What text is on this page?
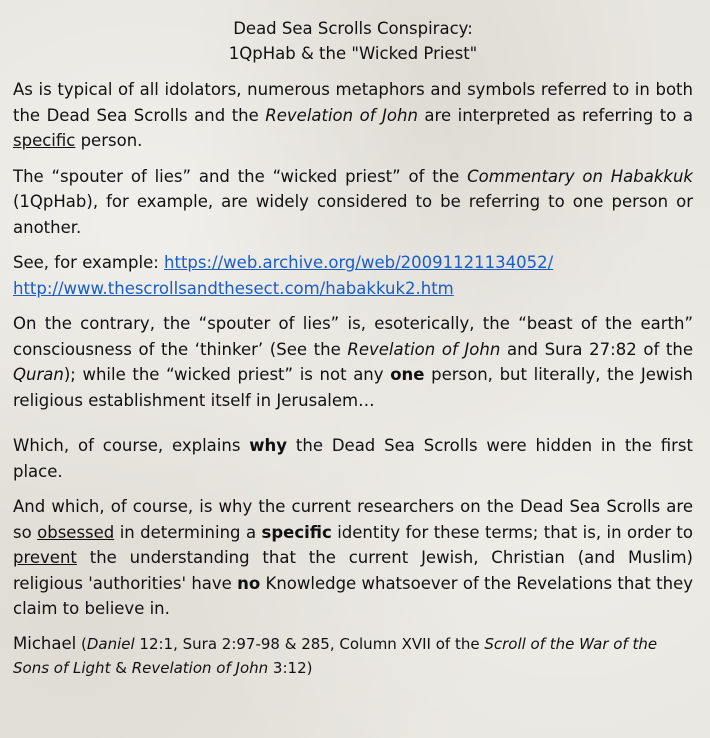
Dead Sea Scrolls Conspiracy:
1QpHab & the "Wicked Priest"

As is typical of all idolators, numerous metaphors and symbols referred to in both the Dead Sea Scrolls and the Revelation of John are interpreted as referring to a specific person.

The “spouter of lies” and the “wicked priest” of the Commentary on Habakkuk (1QpHab), for example, are widely considered to be referring to one person or another.

See, for example: https://web.archive.org/web/20091121134052/
http://www.thescrollsandthesect.com/habakkuk2.htm

On the contrary, the “spouter of lies” is, esoterically, the “beast of the earth” consciousness of the ‘thinker’ (See the Revelation of John and Sura 27:82 of the Quran); while the “wicked priest” is not any one person, but literally, the Jewish religious establishment itself in Jerusalem…

Which, of course, explains why the Dead Sea Scrolls were hidden in the first place.

And which, of course, is why the current researchers on the Dead Sea Scrolls are so obsessed in determining a specific identity for these terms; that is, in order to prevent the understanding that the current Jewish, Christian (and Muslim) religious 'authorities' have no Knowledge whatsoever of the Revelations that they claim to believe in.

Michael (Daniel 12:1, Sura 2:97-98 & 285, Column XVII of the Scroll of the War of the Sons of Light & Revelation of John 3:12)
